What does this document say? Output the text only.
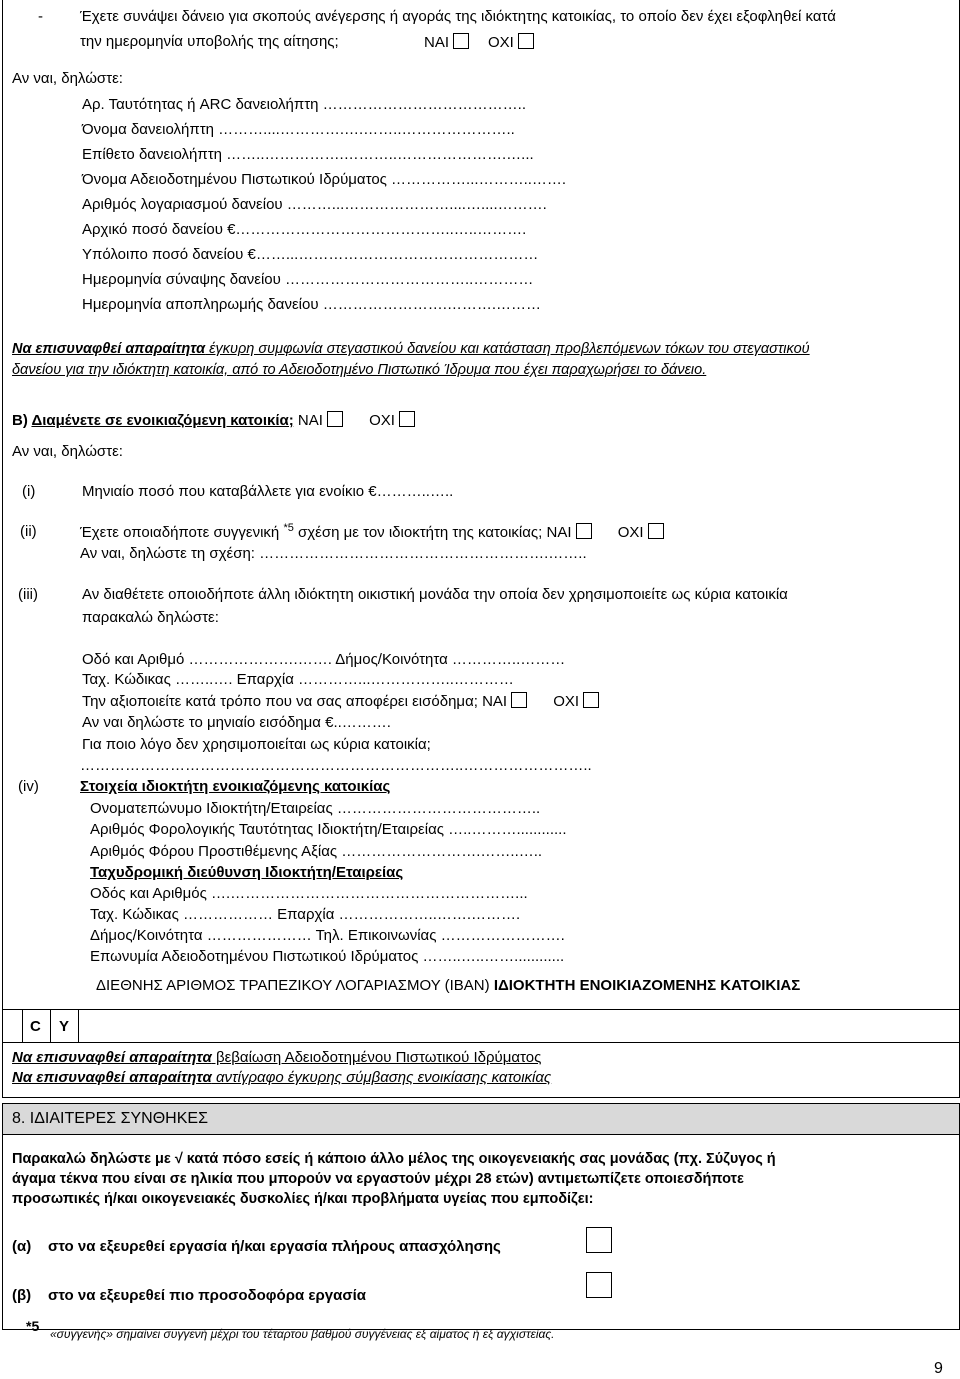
- Έχετε συνάψει δάνειο για σκοπούς ανέγερσης ή αγοράς της ιδιόκτητης κατοικίας, το οποίο δεν έχει εξοφληθεί κατά
την ημερομηνία υποβολής της αίτησης;	ΝΑΙ	ΟΧΙ
Αν ναι, δηλώστε:
Αρ. Ταυτότητας ή ARC δανειολήπτη …………………………………..
Όνομα δανειολήπτη ………....………….….……..…………………..
Επίθετο δανειολήπτη ……..…………….………..………………….…...
Όνομα Αδειοδοτημένου Πιστωτικού Ιδρύματος ……………...………..…….
Αριθμός λογαριασμού δανείου ………...…………………....…....……….
Αρχικό ποσό δανείου €……………………………………..…..……….
Υπόλοιπο ποσό δανείου €……...…………………………………………
Ημερομηνία σύναψης δανείου ………………………………..…………
Ημερομηνία αποπληρωμής δανείου …………………….……….………
Να επισυναφθεί απαραίτητα έγκυρη συμφωνία στεγαστικού δανείου και κατάσταση προβλεπόμενων τόκων του στεγαστικού
δανείου για την ιδιόκτητη κατοικία, από το Αδειοδοτημένο Πιστωτικό Ίδρυμα που έχει παραχωρήσει το δάνειο.
Β) Διαμένετε σε ενοικιαζόμενη κατοικία; ΝΑΙ	ΟΧΙ
Αν ναι, δηλώστε:
(i)	Μηνιαίο ποσό που καταβάλλετε για ενοίκιο €………..…..
(ii)	Έχετε οποιαδήποτε συγγενική $^{*5}$ σχέση με τον ιδιοκτήτη της κατοικίας; ΝΑΙ	ΟΧΙ
Αν ναι, δηλώστε τη σχέση: ………………………………………………….……..
(iii)	Αν διαθέτετε οποιοδήποτε άλλη ιδιόκτητη οικιστική μονάδα την οποία δεν χρησιμοποιείτε ως κύρια κατοικία
παρακαλώ δηλώστε:
Οδό και Αριθμό ………………….……. Δήμος/Κοινότητα …………..………
Ταχ. Κώδικας ……..…. Επαρχία …………...……………..…………
Την αξιοποιείτε κατά τρόπο που να σας αποφέρει εισόδημα; ΝΑΙ	ΟΧΙ
Αν ναι δηλώστε το μηνιαίο εισόδημα €..……….
Για ποιο λόγο δεν χρησιμοποιείται ως κύρια κατοικία;
…………………………………………………………………..……………………..
(iv)	Στοιχεία ιδιοκτήτη ενοικιαζόμενης κατοικίας
Ονοματεπώνυμο Ιδιοκτήτη/Εταιρείας …………………………………..
Αριθμός Φορολογικής Ταυτότητας Ιδιοκτήτη/Εταιρείας …..………............
Αριθμός Φόρου Προστιθέμενης Αξίας ……………………….……..…..
Ταχυδρομική διεύθυνση Ιδιοκτήτη/Εταιρείας
Οδός και Αριθμός ….…………………………………………………...
Ταχ. Κώδικας ……………… Επαρχία ………………..…….……….
Δήμος/Κοινότητα ………………… Τηλ. Επικοινωνίας …………………….
Επωνυμία Αδειοδοτημένου Πιστωτικού Ιδρύματος ……..…..……............
ΔΙΕΘΝΗΣ ΑΡΙΘΜΟΣ ΤΡΑΠΕΖΙΚΟΥ ΛΟΓΑΡΙΑΣΜΟΥ (IBAN) ΙΔΙΟΚΤΗΤΗ ΕΝΟΙΚΙΑΖΟΜΕΝΗΣ ΚΑΤΟΙΚΙΑΣ
C Y
Να επισυναφθεί απαραίτητα βεβαίωση Αδειοδοτημένου Πιστωτικού Ιδρύματος
Να επισυναφθεί απαραίτητα αντίγραφο έγκυρης σύμβασης ενοικίασης κατοικίας
8. ΙΔΙΑΙΤΕΡΕΣ ΣΥΝΘΗΚΕΣ
Παρακαλώ δηλώστε με √ κατά πόσο εσείς ή κάποιο άλλο μέλος της οικογενειακής σας μονάδας (πχ. Σύζυγος ή
άγαμα τέκνα που είναι σε ηλικία που μπορούν να εργαστούν μέχρι 28 ετών) αντιμετωπίζετε οποιεσδήποτε
προσωπικές ή/και οικογενειακές δυσκολίες ή/και προβλήματα υγείας που εμποδίζει:
(α) στο να εξευρεθεί εργασία ή/και εργασία πλήρους απασχόλησης
(β) στο να εξευρεθεί πιο προσοδοφόρα εργασία
*5 «συγγενής» σημαίνει συγγενή μέχρι του τέταρτου βαθμού συγγένειας εξ αίματος ή εξ αγχιστείας.
9
